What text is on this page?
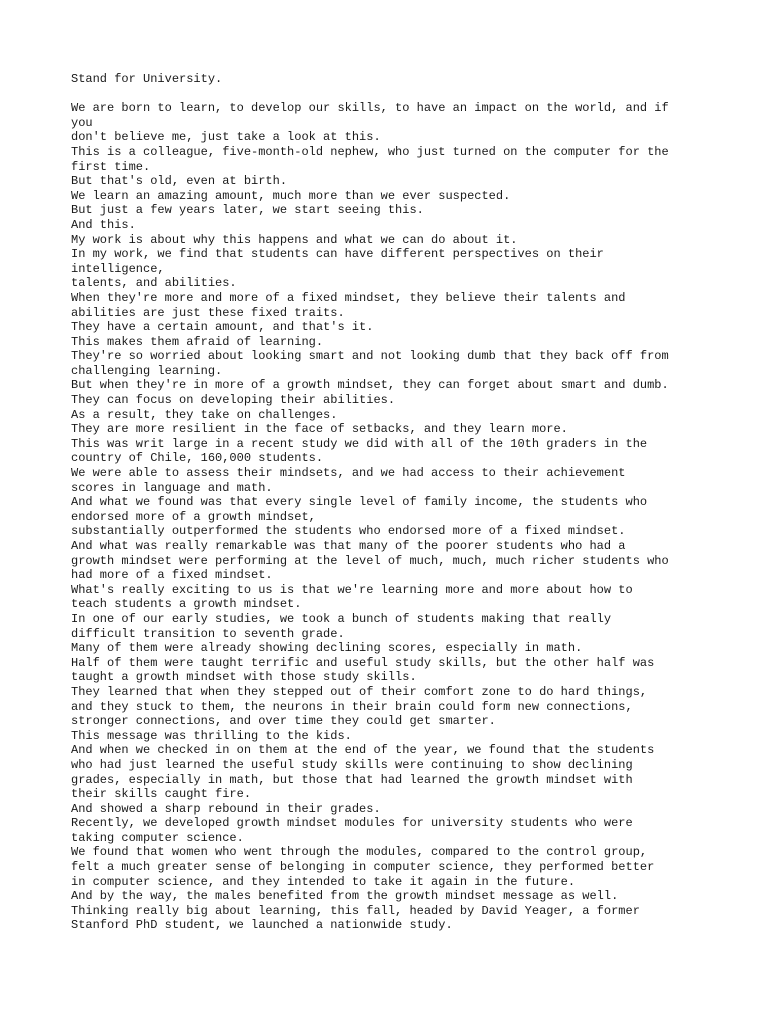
Stand for University.
We are born to learn, to develop our skills, to have an impact on the world, and if
you
don't believe me, just take a look at this.
This is a colleague, five-month-old nephew, who just turned on the computer for the
first time.
But that's old, even at birth.
We learn an amazing amount, much more than we ever suspected.
But just a few years later, we start seeing this.
And this.
My work is about why this happens and what we can do about it.
In my work, we find that students can have different perspectives on their
intelligence,
talents, and abilities.
When they're more and more of a fixed mindset, they believe their talents and
abilities are just these fixed traits.
They have a certain amount, and that's it.
This makes them afraid of learning.
They're so worried about looking smart and not looking dumb that they back off from
challenging learning.
But when they're in more of a growth mindset, they can forget about smart and dumb.
They can focus on developing their abilities.
As a result, they take on challenges.
They are more resilient in the face of setbacks, and they learn more.
This was writ large in a recent study we did with all of the 10th graders in the
country of Chile, 160,000 students.
We were able to assess their mindsets, and we had access to their achievement
scores in language and math.
And what we found was that every single level of family income, the students who
endorsed more of a growth mindset,
substantially outperformed the students who endorsed more of a fixed mindset.
And what was really remarkable was that many of the poorer students who had a
growth mindset were performing at the level of much, much, much richer students who
had more of a fixed mindset.
What's really exciting to us is that we're learning more and more about how to
teach students a growth mindset.
In one of our early studies, we took a bunch of students making that really
difficult transition to seventh grade.
Many of them were already showing declining scores, especially in math.
Half of them were taught terrific and useful study skills, but the other half was
taught a growth mindset with those study skills.
They learned that when they stepped out of their comfort zone to do hard things,
and they stuck to them, the neurons in their brain could form new connections,
stronger connections, and over time they could get smarter.
This message was thrilling to the kids.
And when we checked in on them at the end of the year, we found that the students
who had just learned the useful study skills were continuing to show declining
grades, especially in math, but those that had learned the growth mindset with
their skills caught fire.
And showed a sharp rebound in their grades.
Recently, we developed growth mindset modules for university students who were
taking computer science.
We found that women who went through the modules, compared to the control group,
felt a much greater sense of belonging in computer science, they performed better
in computer science, and they intended to take it again in the future.
And by the way, the males benefited from the growth mindset message as well.
Thinking really big about learning, this fall, headed by David Yeager, a former
Stanford PhD student, we launched a nationwide study.
